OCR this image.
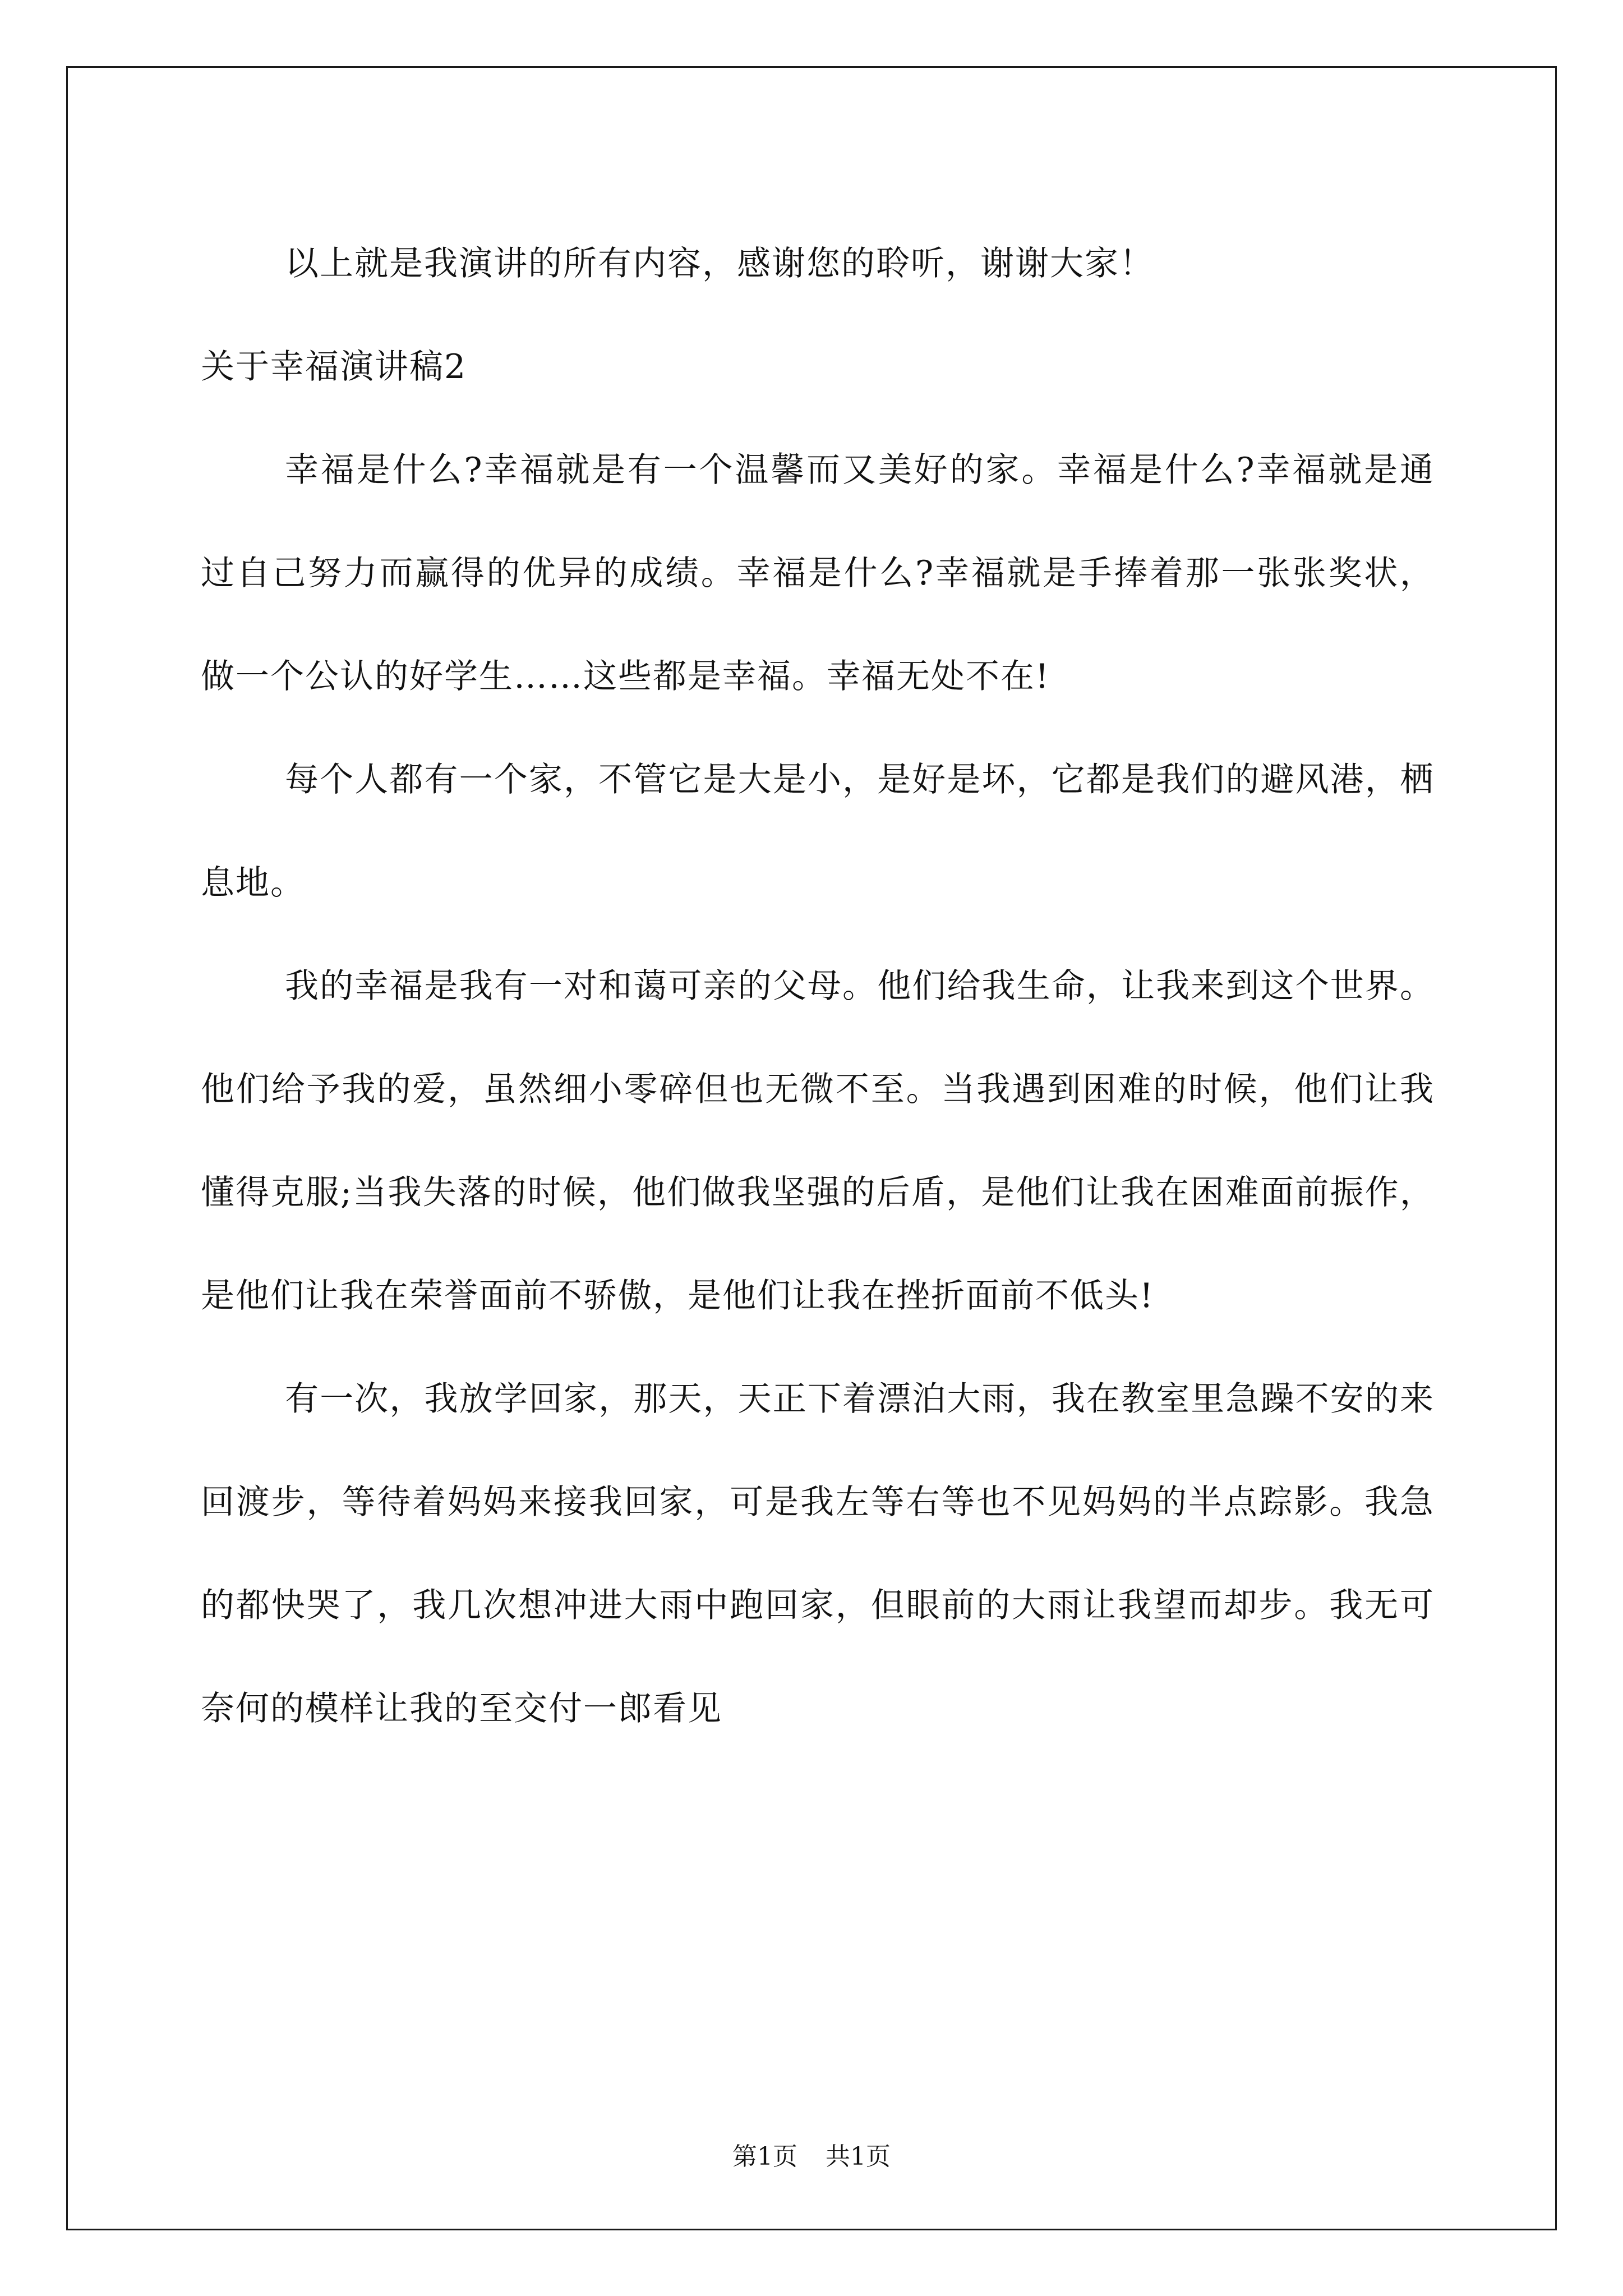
以上就是我演讲的所有内容，感谢您的聆听，谢谢大家！

关于幸福演讲稿2

幸福是什么?幸福就是有一个温馨而又美好的家。幸福是什么?幸福就是通过自己努力而赢得的优异的成绩。幸福是什么?幸福就是手捧着那一张张奖状，做一个公认的好学生……这些都是幸福。幸福无处不在!

每个人都有一个家，不管它是大是小，是好是坏，它都是我们的避风港，栖息地。

我的幸福是我有一对和蔼可亲的父母。他们给我生命，让我来到这个世界。他们给予我的爱，虽然细小零碎但也无微不至。当我遇到困难的时候，他们让我懂得克服;当我失落的时候，他们做我坚强的后盾，是他们让我在困难面前振作，是他们让我在荣誉面前不骄傲，是他们让我在挫折面前不低头!

有一次，我放学回家，那天，天正下着漂泊大雨，我在教室里急躁不安的来回渡步，等待着妈妈来接我回家，可是我左等右等也不见妈妈的半点踪影。我急的都快哭了，我几次想冲进大雨中跑回家，但眼前的大雨让我望而却步。我无可奈何的模样让我的至交付一郎看见

第1页 共1页
